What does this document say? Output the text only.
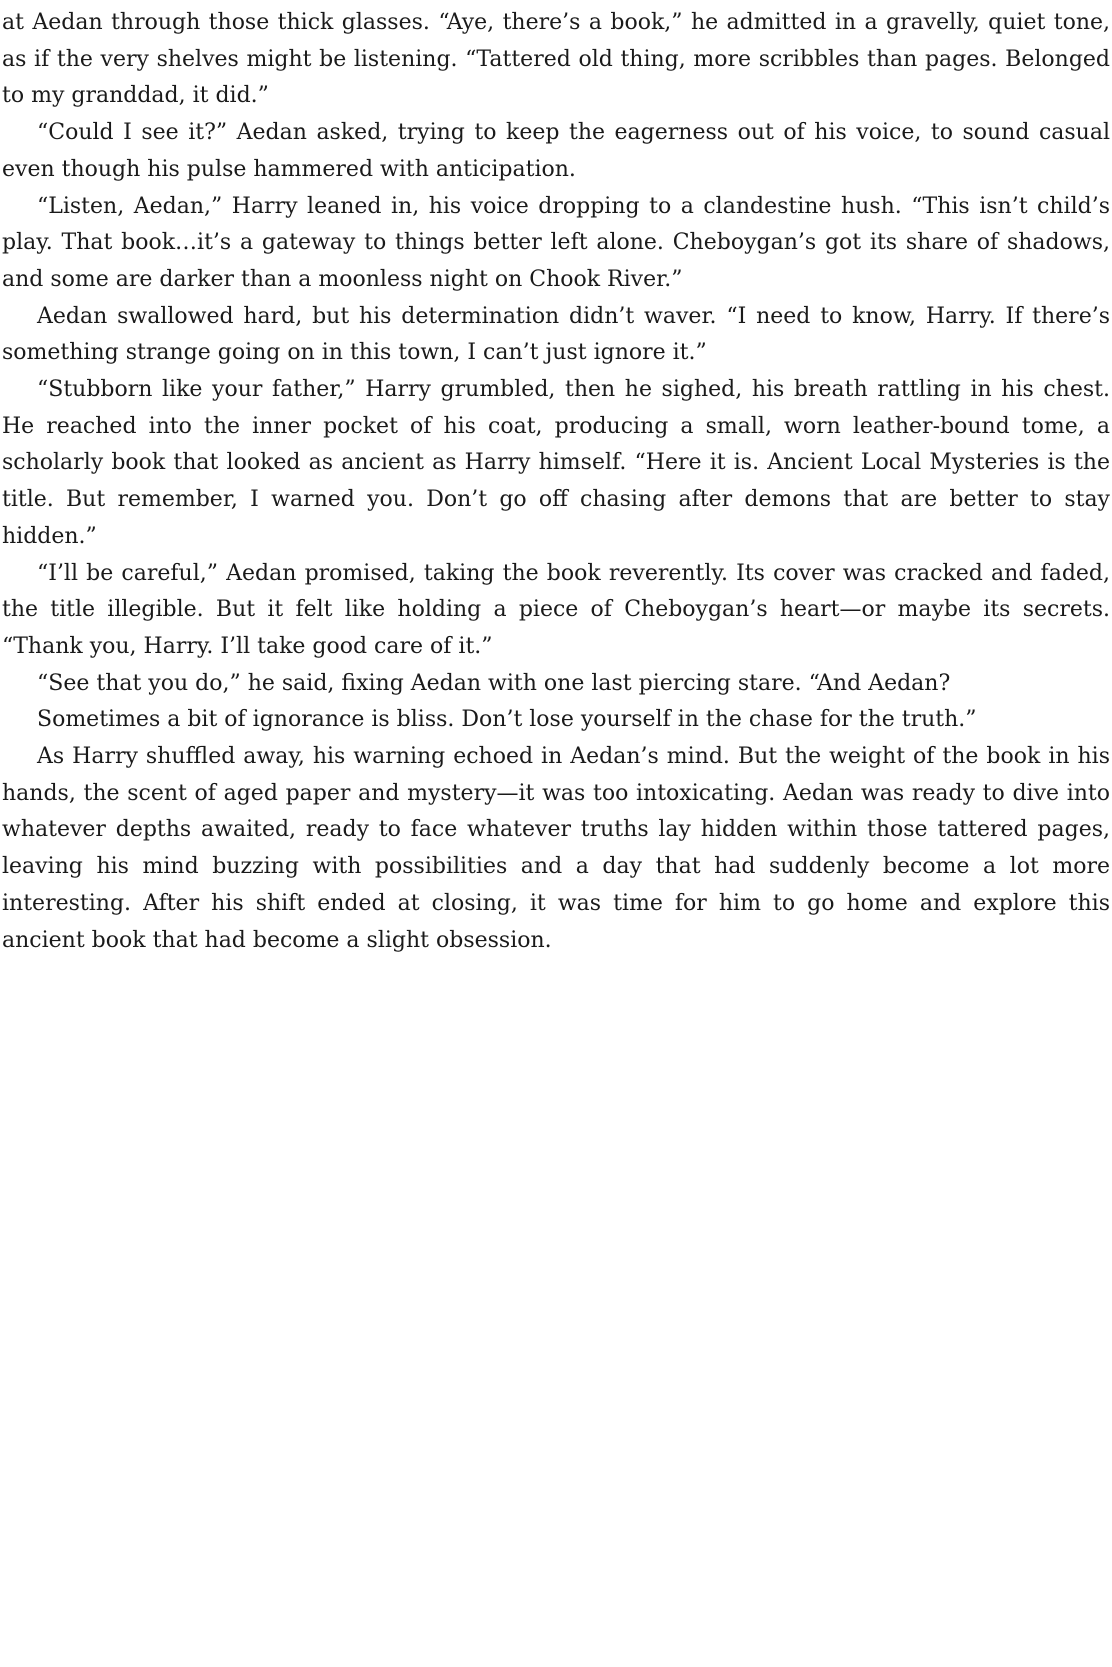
at Aedan through those thick glasses. “Aye, there’s a book,” he admitted in a gravelly, quiet tone, as if the very shelves might be listening. “Tattered old thing, more scribbles than pages. Belonged to my granddad, it did.”

“Could I see it?” Aedan asked, trying to keep the eagerness out of his voice, to sound casual even though his pulse hammered with anticipation.

“Listen, Aedan,” Harry leaned in, his voice dropping to a clandestine hush. “This isn’t child’s play. That book…it’s a gateway to things better left alone. Cheboygan’s got its share of shadows, and some are darker than a moonless night on Chook River.”

Aedan swallowed hard, but his determination didn’t waver. “I need to know, Harry. If there’s something strange going on in this town, I can’t just ignore it.”

“Stubborn like your father,” Harry grumbled, then he sighed, his breath rattling in his chest. He reached into the inner pocket of his coat, producing a small, worn leather-bound tome, a scholarly book that looked as ancient as Harry himself. “Here it is. Ancient Local Mysteries is the title. But remember, I warned you. Don’t go off chasing after demons that are better to stay hidden.”

“I’ll be careful,” Aedan promised, taking the book reverently. Its cover was cracked and faded, the title illegible. But it felt like holding a piece of Cheboygan’s heart—or maybe its secrets. “Thank you, Harry. I’ll take good care of it.”

“See that you do,” he said, fixing Aedan with one last piercing stare. “And Aedan?

Sometimes a bit of ignorance is bliss. Don’t lose yourself in the chase for the truth.”

As Harry shuffled away, his warning echoed in Aedan’s mind. But the weight of the book in his hands, the scent of aged paper and mystery—it was too intoxicating. Aedan was ready to dive into whatever depths awaited, ready to face whatever truths lay hidden within those tattered pages, leaving his mind buzzing with possibilities and a day that had suddenly become a lot more interesting. After his shift ended at closing, it was time for him to go home and explore this ancient book that had become a slight obsession.
